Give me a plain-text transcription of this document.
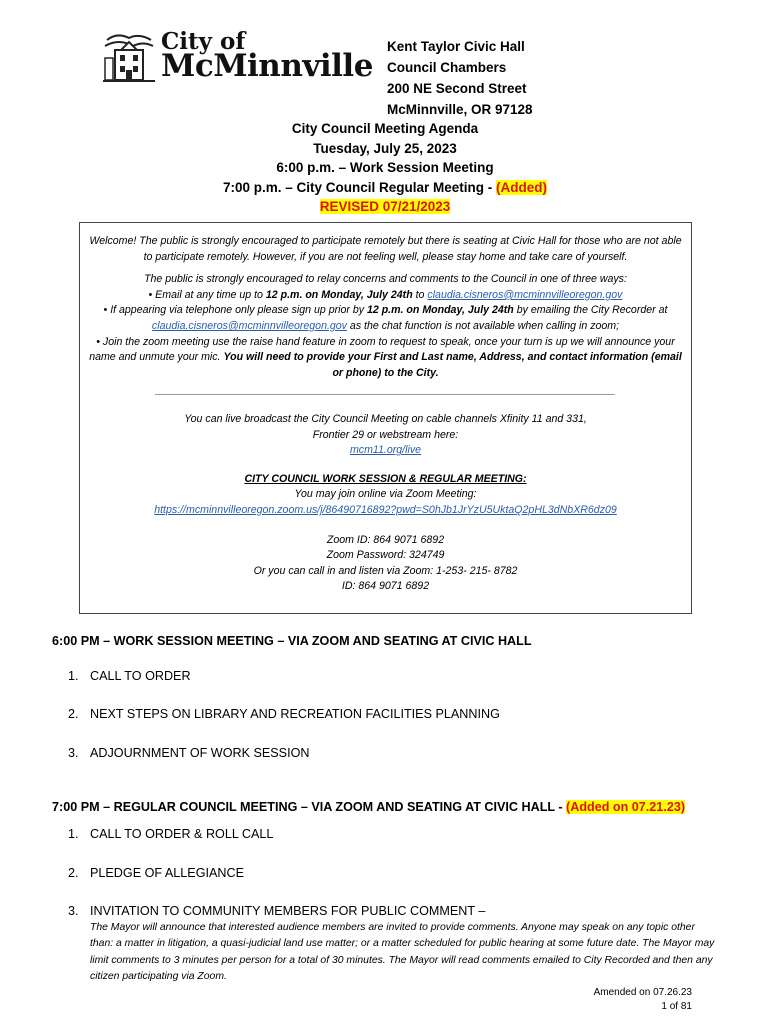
City of
McMinnville
Kent Taylor Civic Hall
Council Chambers
200 NE Second Street
McMinnville, OR 97128
City Council Meeting Agenda
Tuesday, July 25, 2023
6:00 p.m. – Work Session Meeting
7:00 p.m. – City Council Regular Meeting - (Added)
REVISED 07/21/2023

Welcome! The public is strongly encouraged to participate remotely but there is seating at Civic Hall for those who are not able to participate remotely. However, if you are not feeling well, please stay home and take care of yourself.

The public is strongly encouraged to relay concerns and comments to the Council in one of three ways:

• Email at any time up to 12 p.m. on Monday, July 24th to claudia.cisneros@mcminnvilleoregon.gov

• If appearing via telephone only please sign up prior by 12 p.m. on Monday, July 24th by emailing the City Recorder at claudia.cisneros@mcminnvilleoregon.gov as the chat function is not available when calling in zoom;

• Join the zoom meeting use the raise hand feature in zoom to request to speak, once your turn is up we will announce your name and unmute your mic. You will need to provide your First and Last name, Address, and contact information (email or phone) to the City.

______________________________________________________________________________

You can live broadcast the City Council Meeting on cable channels Xfinity 11 and 331,

Frontier 29 or webstream here:

mcm11.org/live

CITY COUNCIL WORK SESSION & REGULAR MEETING:

You may join online via Zoom Meeting:

https://mcminnvilleoregon.zoom.us/j/86490716892?pwd=S0hJb1JrYzU5UktaQ2pHL3dNbXR6dz09

Zoom ID: 864 9071 6892

Zoom Password: 324749

Or you can call in and listen via Zoom: 1-253- 215- 8782

ID: 864 9071 6892

6:00 PM – WORK SESSION MEETING – VIA ZOOM AND SEATING AT CIVIC HALL
1. CALL TO ORDER
2. NEXT STEPS ON LIBRARY AND RECREATION FACILITIES PLANNING
3. ADJOURNMENT OF WORK SESSION
7:00 PM – REGULAR COUNCIL MEETING – VIA ZOOM AND SEATING AT CIVIC HALL - (Added on 07.21.23)
1. CALL TO ORDER & ROLL CALL
2. PLEDGE OF ALLEGIANCE
3. INVITATION TO COMMUNITY MEMBERS FOR PUBLIC COMMENT –
The Mayor will announce that interested audience members are invited to provide comments. Anyone may speak on any topic other than: a matter in litigation, a quasi-judicial land use matter; or a matter scheduled for public hearing at some future date. The Mayor may limit comments to 3 minutes per person for a total of 30 minutes. The Mayor will read comments emailed to City Recorded and then any citizen participating via Zoom.
Amended on 07.26.23
1 of 81
